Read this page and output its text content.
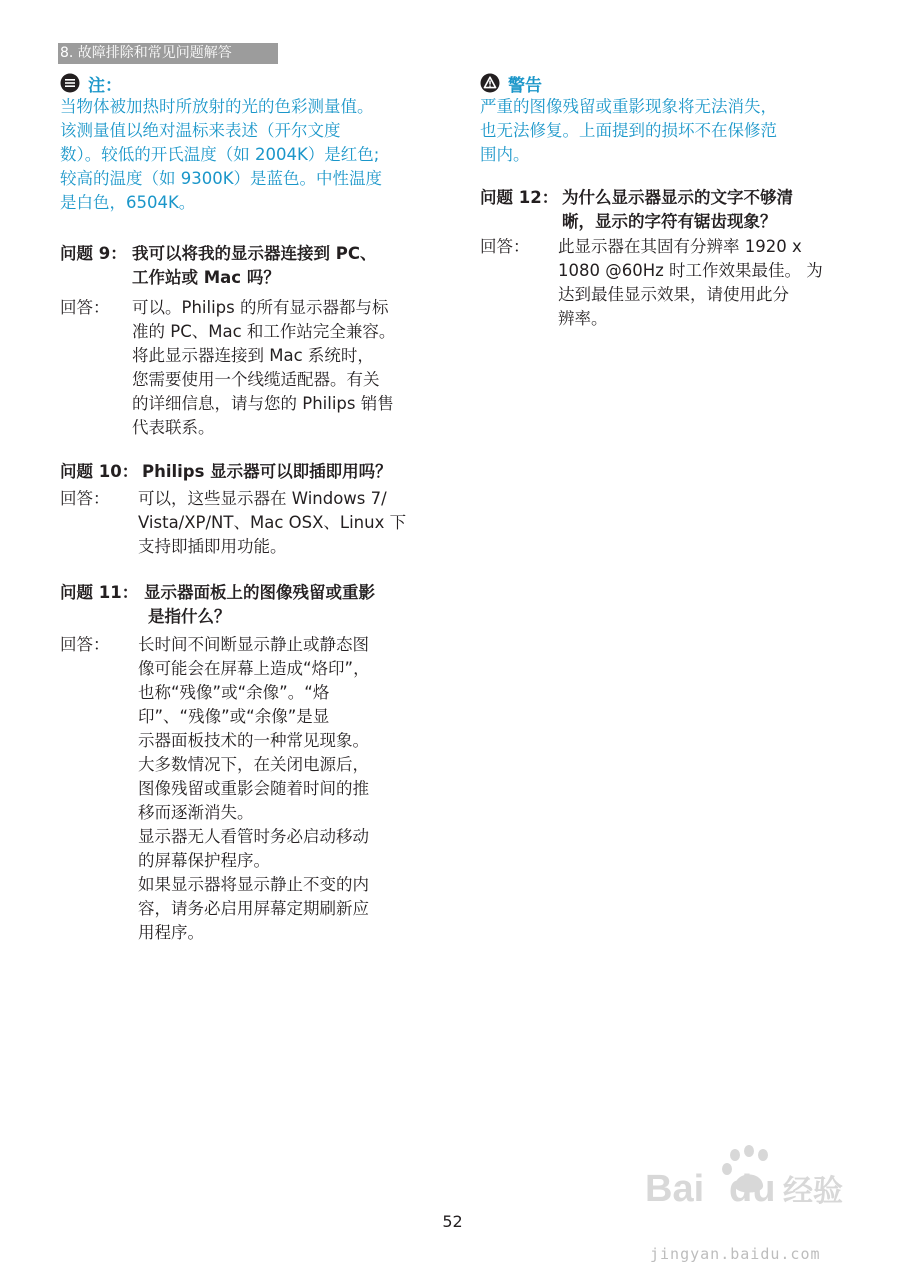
8. 故障排除和常见问题解答
注：
当物体被加热时所放射的光的色彩测量值。
该测量值以绝对温标来表述（开尔文度
数）。较低的开氏温度（如 2004K）是红色;
较高的温度（如 9300K）是蓝色。中性温度
是白色，6504K。
问题 9： 我可以将我的显示器连接到 PC、
工作站或 Mac 吗？
回答：	可以。Philips 的所有显示器都与标
准的 PC、Mac 和工作站完全兼容。
将此显示器连接到 Mac 系统时，
您需要使用一个线缆适配器。有关
的详细信息，请与您的 Philips 销售
代表联系。
问题 10： Philips 显示器可以即插即用吗？
回答：	可以，这些显示器在 Windows 7/
Vista/XP/NT、Mac OSX、Linux 下
支持即插即用功能。
问题 11： 显示器面板上的图像残留或重影
是指什么？
回答：	长时间不间断显示静止或静态图
像可能会在屏幕上造成“烙印”，
也称“残像”或“余像”。“烙
印”、“残像”或“余像”是显
示器面板技术的一种常见现象。
大多数情况下，在关闭电源后，
图像残留或重影会随着时间的推
移而逐渐消失。
显示器无人看管时务必启动移动
的屏幕保护程序。
如果显示器将显示静止不变的内
容，请务必启用屏幕定期刷新应
用程序。
警告
严重的图像残留或重影现象将无法消失，
也无法修复。上面提到的损坏不在保修范
围内。
问题 12： 为什么显示器显示的文字不够清
晰，显示的字符有锯齿现象？
回答：	此显示器在其固有分辨率 1920 x
1080 @60Hz 时工作效果最佳。 为
达到最佳显示效果，请使用此分
辨率。
52
Bai du 经验
jingyan.baidu.com
